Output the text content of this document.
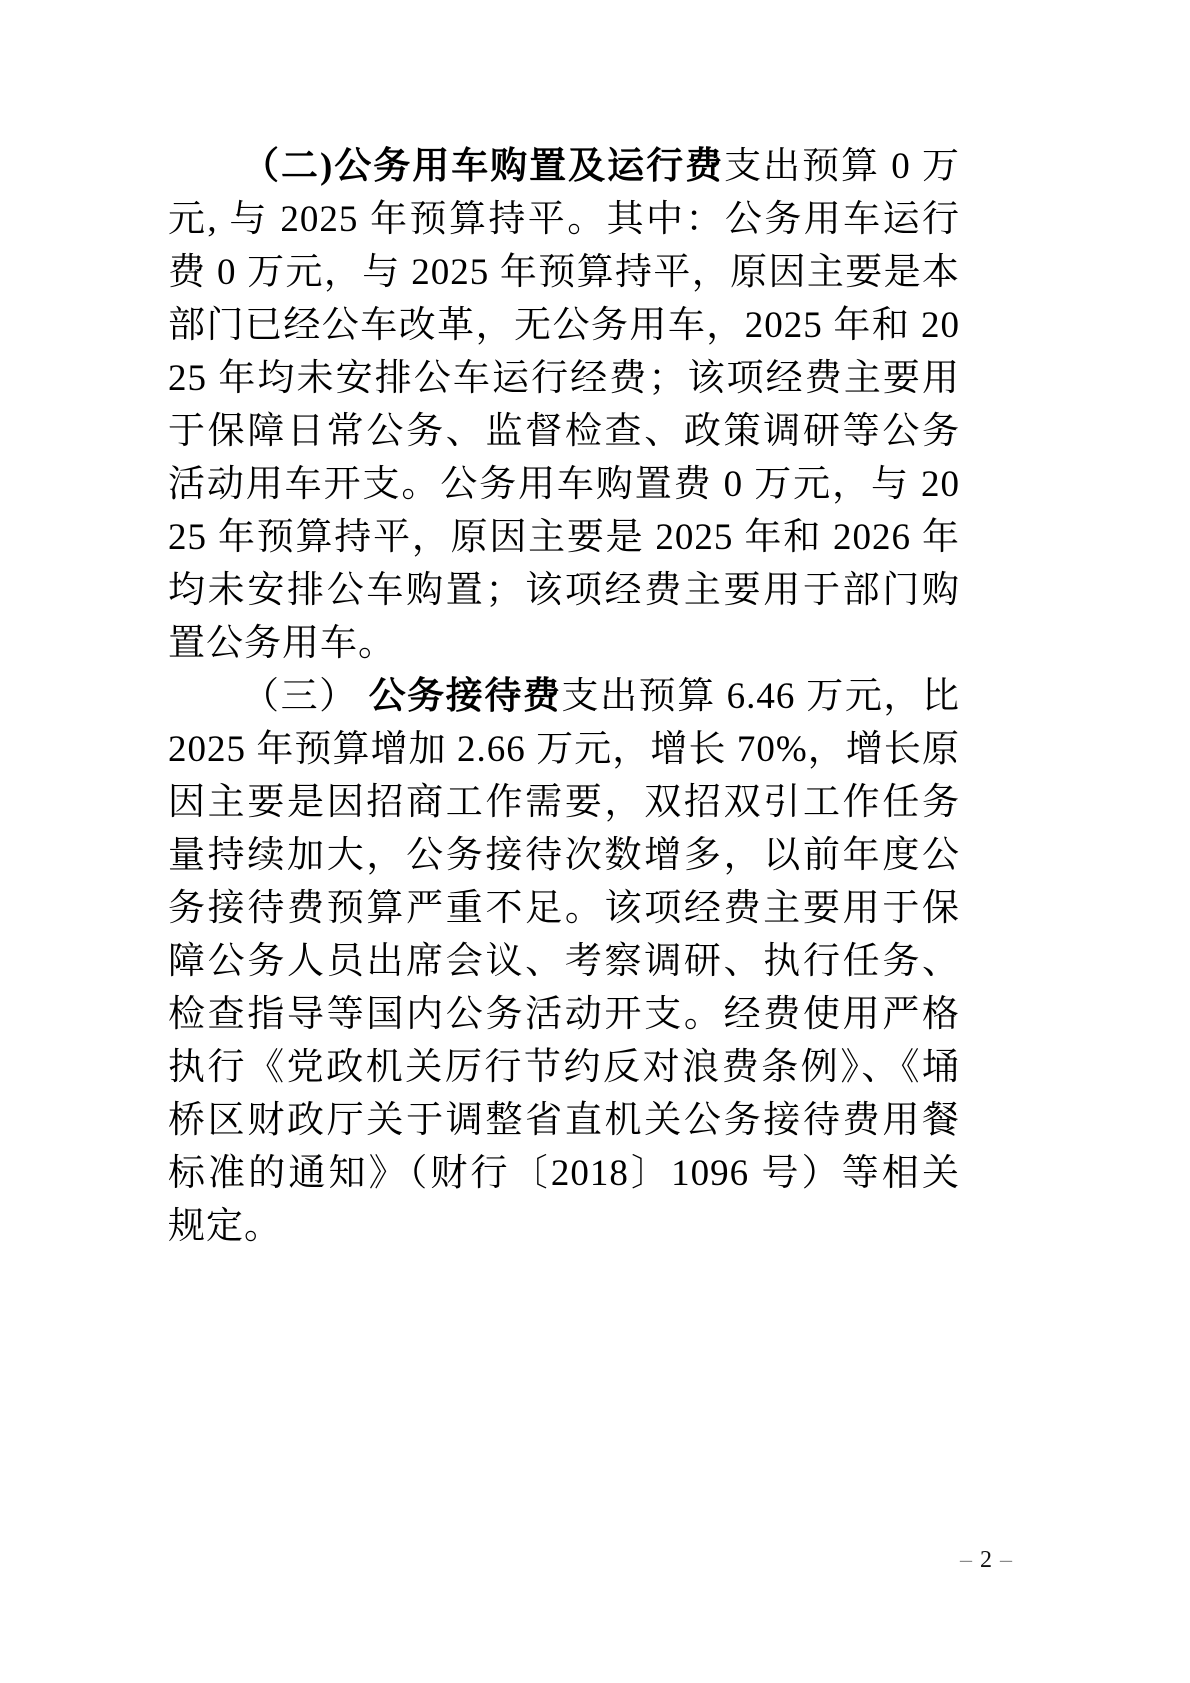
（二)公务用车购置及运行费支出预算 0 万元, 与 2025 年预算持平。其中：公务用车运行费 0 万元，与 2025 年预算持平，原因主要是本部门已经公车改革，无公务用车，2025 年和 2025 年均未安排公车运行经费；该项经费主要用于保障日常公务、监督检查、政策调研等公务活动用车开支。公务用车购置费 0 万元，与 2025 年预算持平，原因主要是 2025 年和 2026 年均未安排公车购置；该项经费主要用于部门购置公务用车。

（三） 公务接待费支出预算 6.46 万元，比 2025 年预算增加 2.66 万元，增长 70%，增长原因主要是因招商工作需要，双招双引工作任务量持续加大，公务接待次数增多，以前年度公务接待费预算严重不足。该项经费主要用于保障公务人员出席会议、考察调研、执行任务、检查指导等国内公务活动开支。经费使用严格执行《党政机关厉行节约反对浪费条例》、《埇桥区财政厅关于调整省直机关公务接待费用餐标准的通知》（财行〔2018〕1096 号）等相关规定。

– 2 –
